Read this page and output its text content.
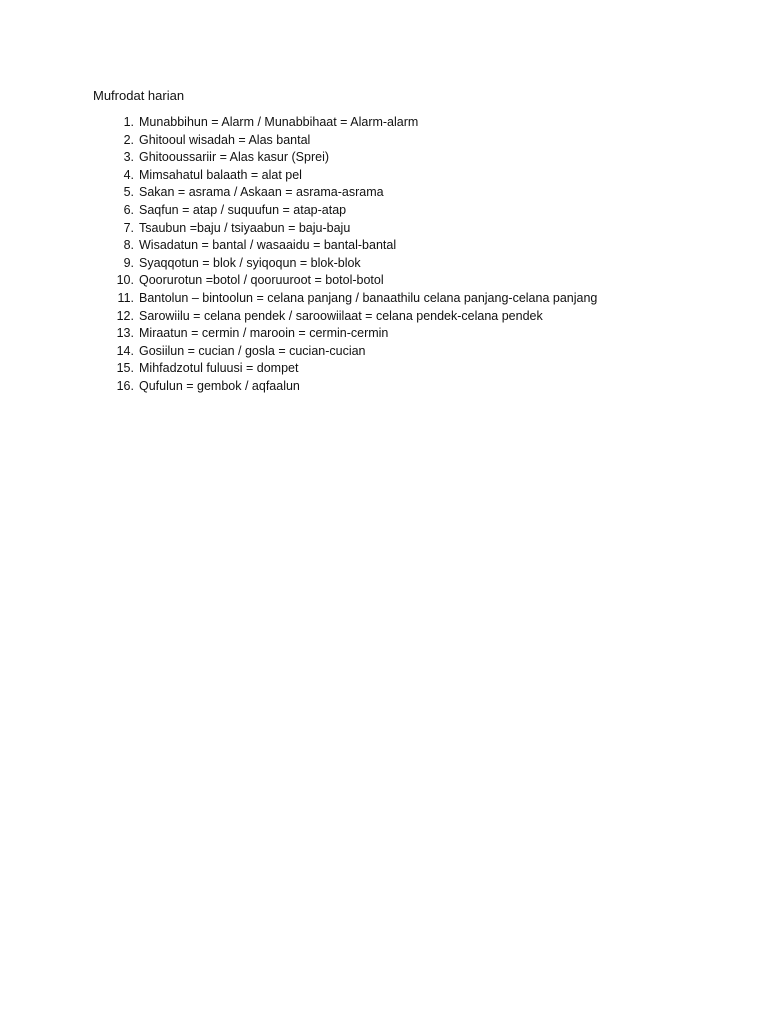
Mufrodat harian
1. Munabbihun = Alarm / Munabbihaat = Alarm-alarm
2. Ghitooul wisadah = Alas bantal
3. Ghitooussariir = Alas kasur (Sprei)
4. Mimsahatul balaath = alat pel
5. Sakan = asrama / Askaan = asrama-asrama
6. Saqfun = atap / suquufun = atap-atap
7. Tsaubun =baju / tsiyaabun = baju-baju
8. Wisadatun = bantal / wasaaidu = bantal-bantal
9. Syaqqotun = blok / syiqoqun = blok-blok
10. Qoorurotun =botol / qooruuroot = botol-botol
11. Bantolun – bintoolun = celana panjang / banaathilu celana panjang-celana panjang
12. Sarowiilu = celana pendek / saroowiilaat = celana pendek-celana pendek
13. Miraatun = cermin / marooin = cermin-cermin
14. Gosiilun = cucian / gosla = cucian-cucian
15. Mihfadzotul fuluusi = dompet
16. Qufulun = gembok / aqfaalun
